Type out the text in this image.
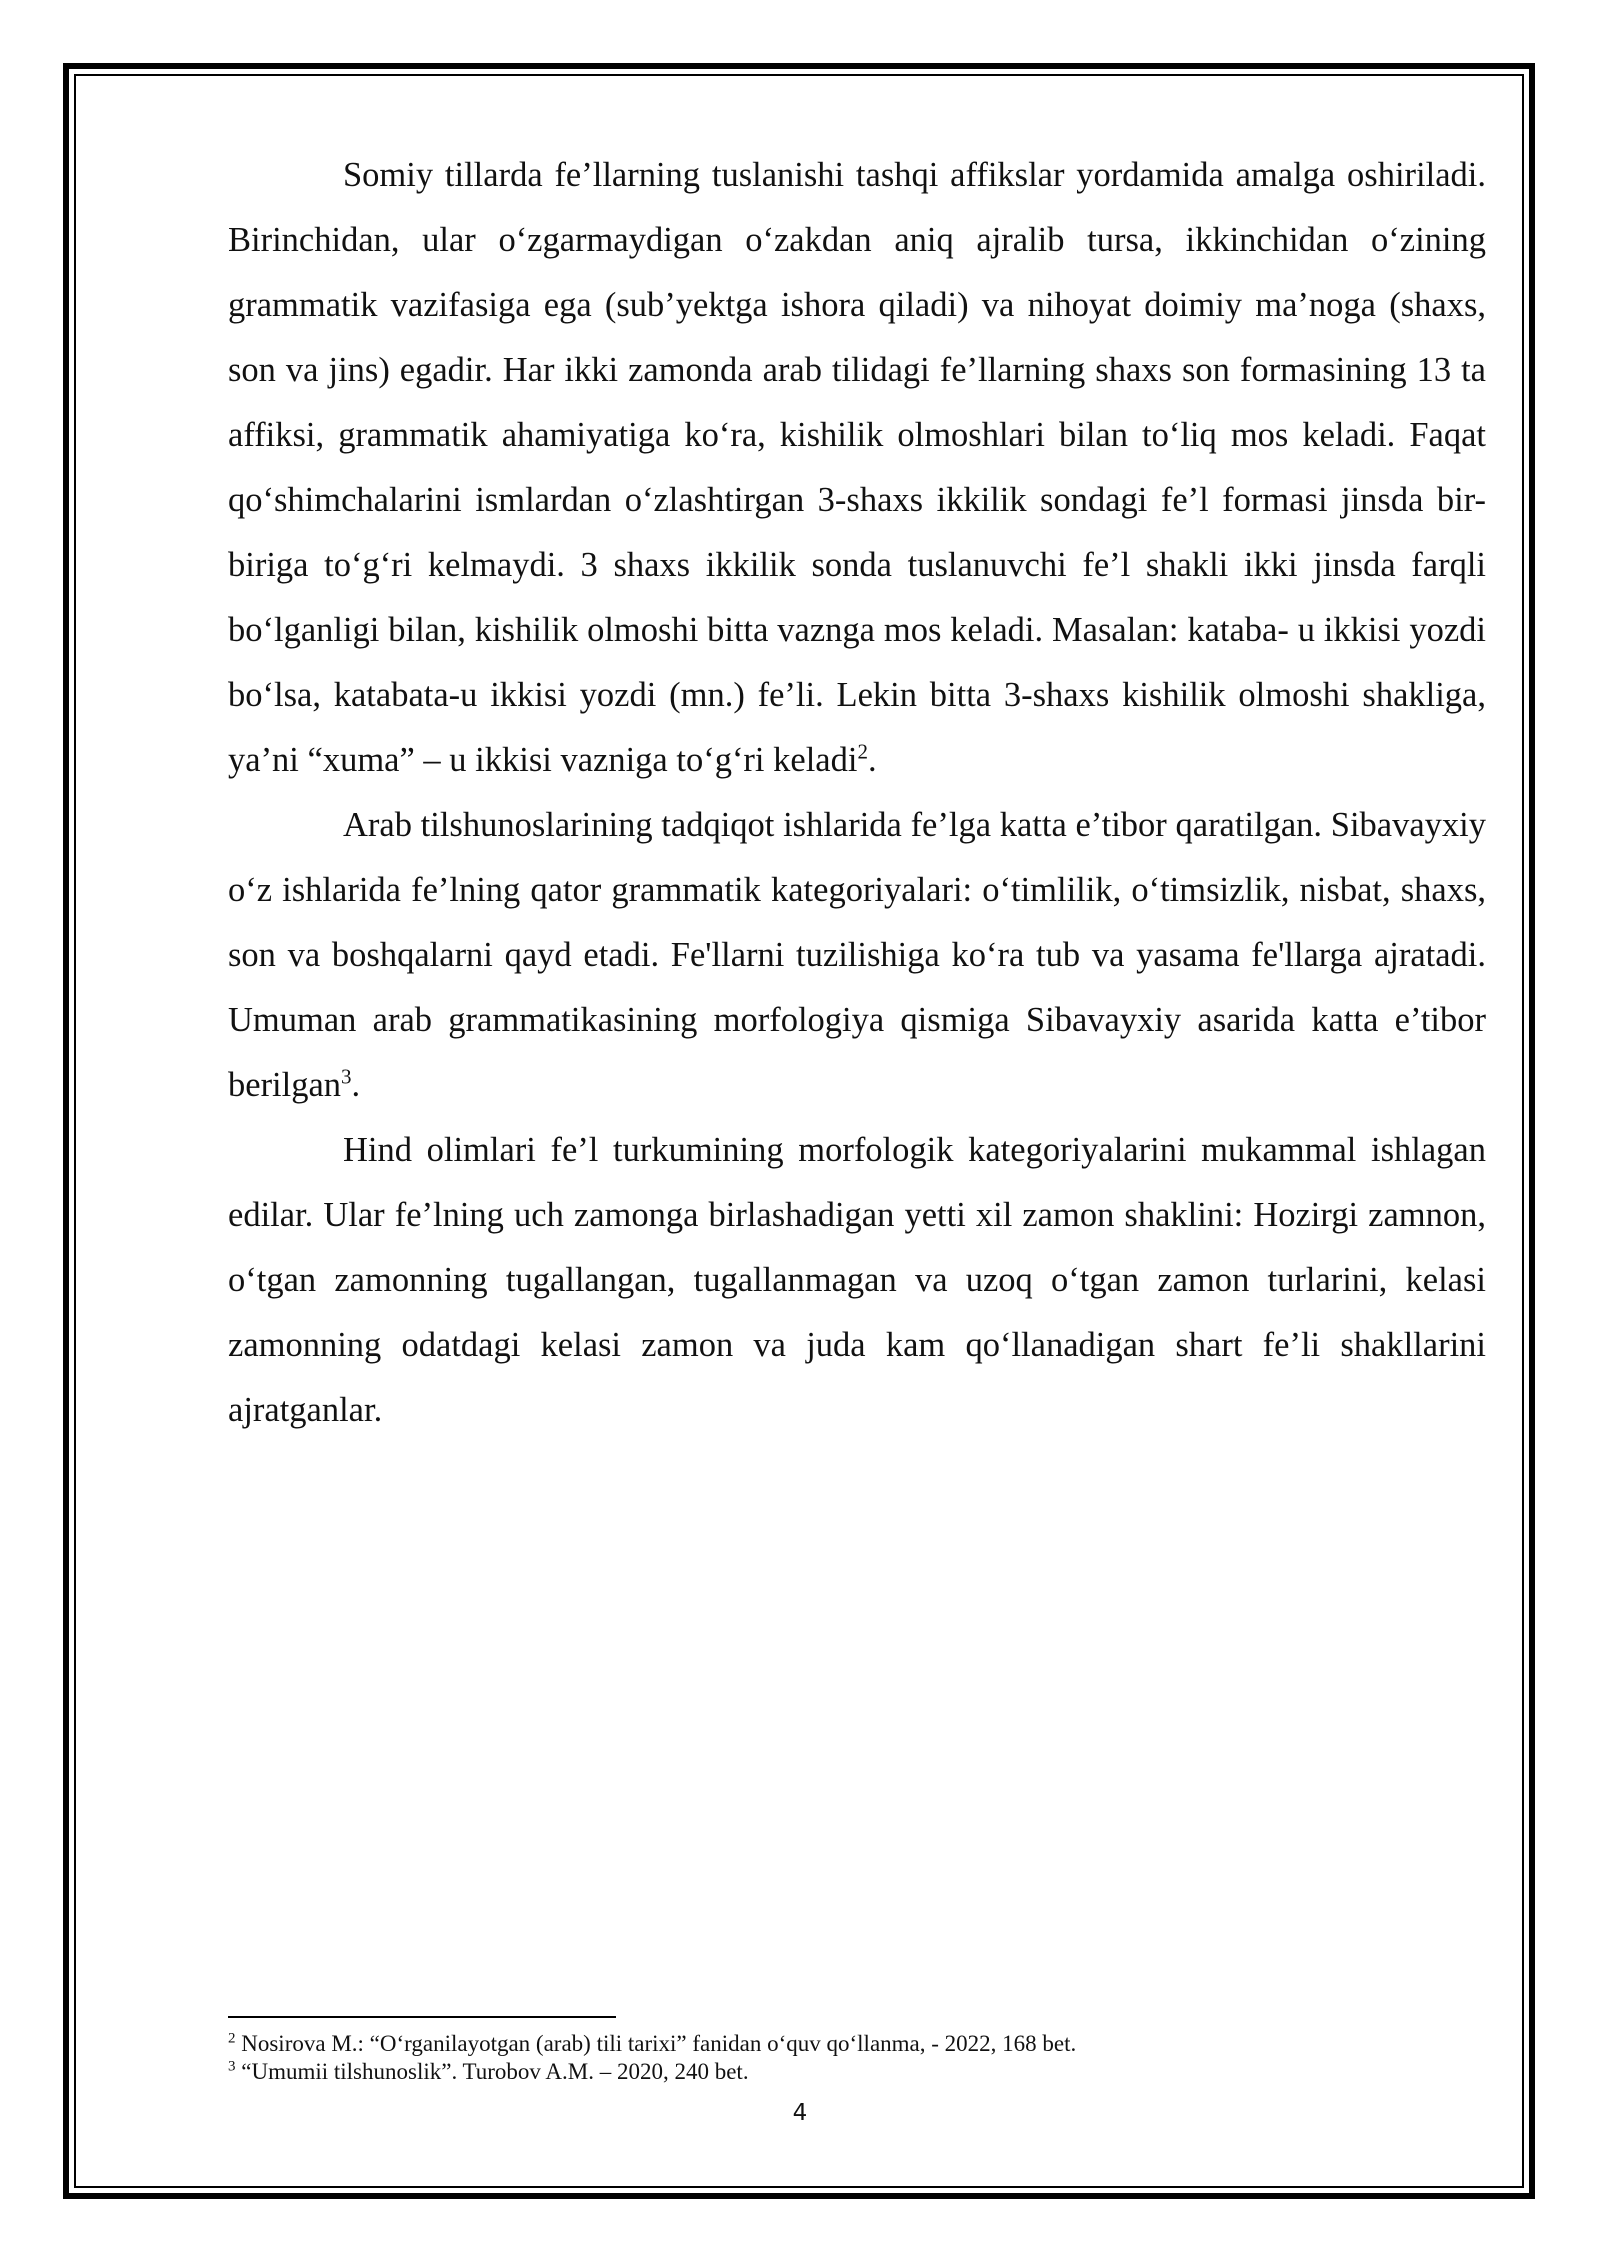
Somiy tillarda fe’llarning tuslanishi tashqi affikslar yordamida amalga oshiriladi. Birinchidan, ular o‘zgarmaydigan o‘zakdan aniq ajralib tursa, ikkinchidan o‘zining grammatik vazifasiga ega (sub’yektga ishora qiladi) va nihoyat doimiy ma’noga (shaxs, son va jins) egadir. Har ikki zamonda arab tilidagi fe’llarning shaxs son formasining 13 ta affiksi, grammatik ahamiyatiga ko‘ra, kishilik olmoshlari bilan to‘liq mos keladi. Faqat qo‘shimchalarini ismlardan o‘zlashtirgan 3-shaxs ikkilik sondagi fe’l formasi jinsda bir-biriga to‘g‘ri kelmaydi. 3 shaxs ikkilik sonda tuslanuvchi fe’l shakli ikki jinsda farqli bo‘lganligi bilan, kishilik olmoshi bitta vaznga mos keladi. Masalan: kataba- u ikkisi yozdi bo‘lsa, katabata-u ikkisi yozdi (mn.) fe’li. Lekin bitta 3-shaxs kishilik olmoshi shakliga, ya’ni “xuma” – u ikkisi vazniga to‘g‘ri keladi$^2$.

Arab tilshunoslarining tadqiqot ishlarida fe’lga katta e’tibor qaratilgan. Sibavayxiy o‘z ishlarida fe’lning qator grammatik kategoriyalari: o‘timlilik, o‘timsizlik, nisbat, shaxs, son va boshqalarni qayd etadi. Fe'llarni tuzilishiga ko‘ra tub va yasama fe'llarga ajratadi. Umuman arab grammatikasining morfologiya qismiga Sibavayxiy asarida katta e’tibor berilgan$^3$.

Hind olimlari fe’l turkumining morfologik kategoriyalarini mukammal ishlagan edilar. Ular fe’lning uch zamonga birlashadigan yetti xil zamon shaklini: Hozirgi zamnon, o‘tgan zamonning tugallangan, tugallanmagan va uzoq o‘tgan zamon turlarini, kelasi zamonning odatdagi kelasi zamon va juda kam qo‘llanadigan shart fe’li shakllarini ajratganlar.

$^2$ Nosirova M.: “O‘rganilayotgan (arab) tili tarixi” fanidan o‘quv qo‘llanma, - 2022, 168 bet.

$^3$ “Umumii tilshunoslik”. Turobov A.M. – 2020, 240 bet.

4
